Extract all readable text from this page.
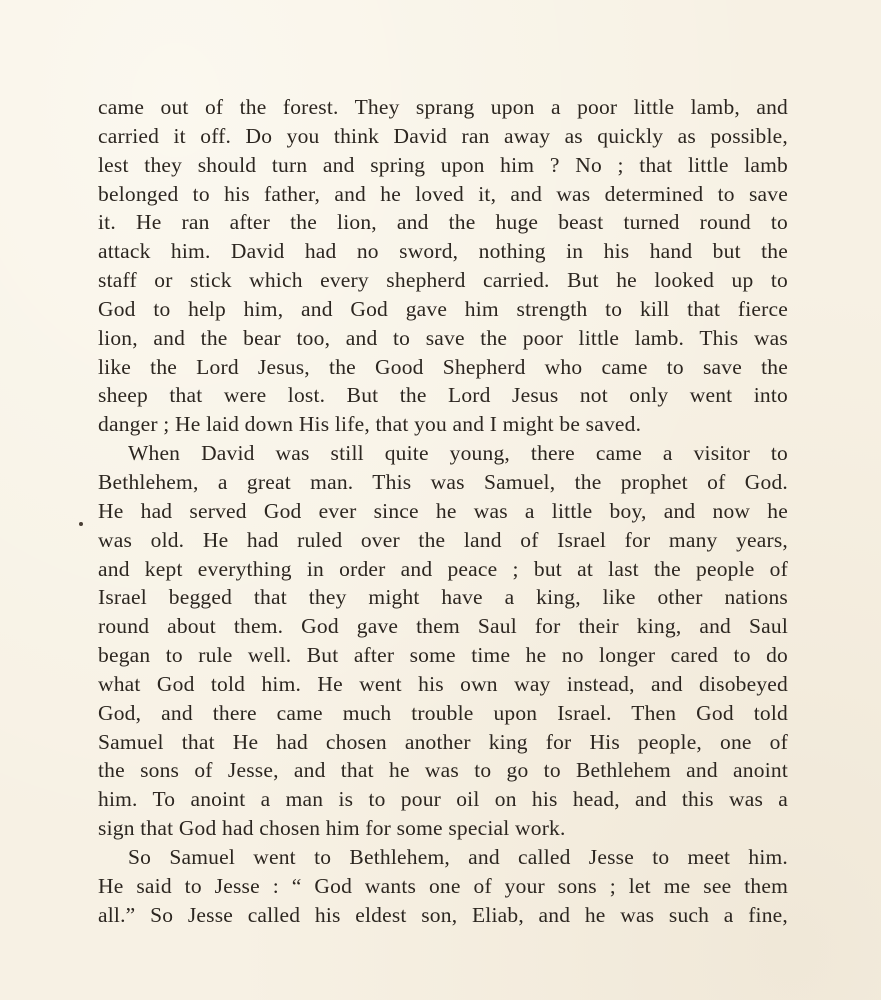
came out of the forest. They sprang upon a poor little lamb, and
carried it off. Do you think David ran away as quickly as possible,
lest they should turn and spring upon him ? No ; that little lamb
belonged to his father, and he loved it, and was determined to save
it. He ran after the lion, and the huge beast turned round to
attack him. David had no sword, nothing in his hand but the
staff or stick which every shepherd carried. But he looked up to
God to help him, and God gave him strength to kill that fierce
lion, and the bear too, and to save the poor little lamb. This was
like the Lord Jesus, the Good Shepherd who came to save the
sheep that were lost. But the Lord Jesus not only went into
danger ; He laid down His life, that you and I might be saved.
When David was still quite young, there came a visitor to
Bethlehem, a great man. This was Samuel, the prophet of God.
He had served God ever since he was a little boy, and now he
was old. He had ruled over the land of Israel for many years,
and kept everything in order and peace ; but at last the people of
Israel begged that they might have a king, like other nations
round about them. God gave them Saul for their king, and Saul
began to rule well. But after some time he no longer cared to do
what God told him. He went his own way instead, and disobeyed
God, and there came much trouble upon Israel. Then God told
Samuel that He had chosen another king for His people, one of
the sons of Jesse, and that he was to go to Bethlehem and anoint
him. To anoint a man is to pour oil on his head, and this was a
sign that God had chosen him for some special work.
So Samuel went to Bethlehem, and called Jesse to meet him.
He said to Jesse : “ God wants one of your sons ; let me see them
all.” So Jesse called his eldest son, Eliab, and he was such a fine,
